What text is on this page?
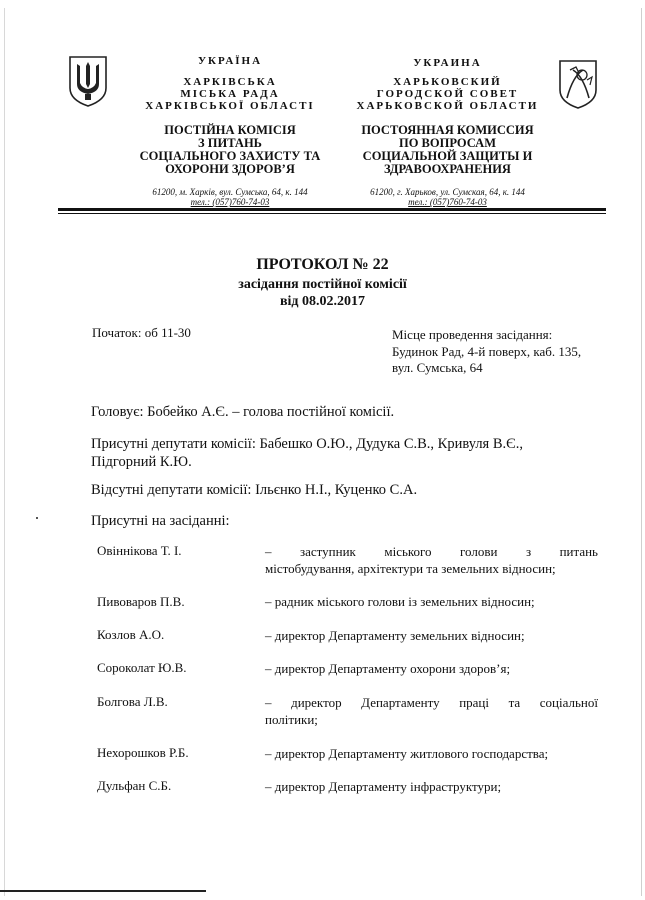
УКРАЇНА
ХАРКІВСЬКА
МІСЬКА РАДА
ХАРКІВСЬКОЇ ОБЛАСТІ
ПОСТІЙНА КОМІСІЯ
З ПИТАНЬ
СОЦІАЛЬНОГО ЗАХИСТУ ТА
ОХОРОНИ ЗДОРОВ’Я
61200, м. Харків, вул. Сумська, 64, к. 144
тел.: (057)760-74-03
УКРАИНА
ХАРЬКОВСКИЙ
ГОРОДСКОЙ СОВЕТ
ХАРЬКОВСКОЙ ОБЛАСТИ
ПОСТОЯННАЯ КОМИССИЯ
ПО ВОПРОСАМ
СОЦИАЛЬНОЙ ЗАЩИТЫ И
ЗДРАВООХРАНЕНИЯ
61200, г. Харьков, ул. Сумская, 64, к. 144
тел.: (057)760-74-03
ПРОТОКОЛ № 22
засідання постійної комісії
від 08.02.2017
Початок: об 11-30	Місце проведення засідання:
Будинок Рад, 4-й поверх, каб. 135,
вул. Сумська, 64
Головує: Бобейко А.Є. – голова постійної комісії.
Присутні депутати комісії: Бабешко О.Ю., Дудука С.В., Кривуля В.Є.,
Підгорний К.Ю.
Відсутні депутати комісії: Ільєнко Н.І., Куценко С.А.
Присутні на засіданні:
Овіннікова Т. І.	– заступник міського голови з питань
містобудування, архітектури та земельних відносин;
Пивоваров П.В.	– радник міського голови із земельних відносин;
Козлов А.О.	– директор Департаменту земельних відносин;
Сороколат Ю.В.	– директор Департаменту охорони здоров’я;
Болгова Л.В.	– директор Департаменту праці та соціальної
політики;
Нехорошков Р.Б.	– директор Департаменту житлового господарства;
Дульфан С.Б.	– директор Департаменту інфраструктури;
